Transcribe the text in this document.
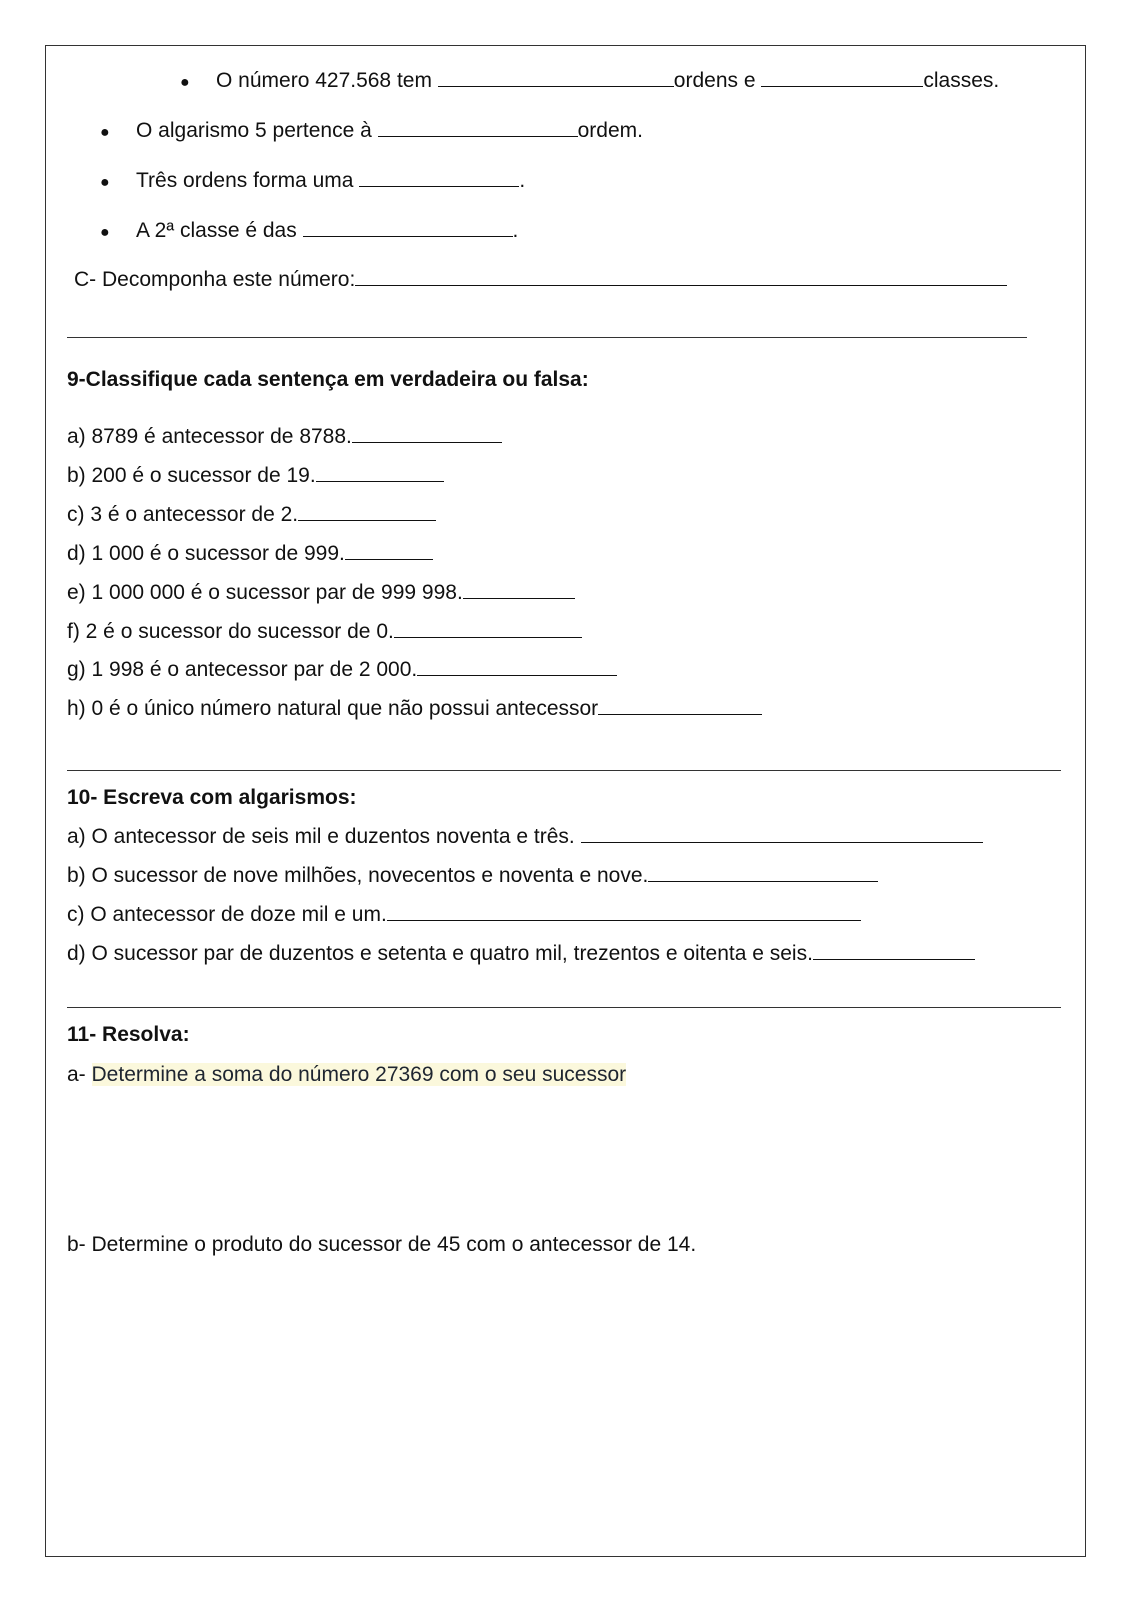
● O número 427.568 tem	ordens e	classes.
● O algarismo 5 pertence à	ordem.
● Três ordens forma uma	.
● A 2ª classe é das	.
C- Decomponha este número:
9-Classifique cada sentença em verdadeira ou falsa:
a) 8789 é antecessor de 8788.
b) 200 é o sucessor de 19.
c) 3 é o antecessor de 2.
d) 1 000 é o sucessor de 999.
e) 1 000 000 é o sucessor par de 999 998.
f) 2 é o sucessor do sucessor de 0.
g) 1 998 é o antecessor par de 2 000.
h) 0 é o único número natural que não possui antecessor
10- Escreva com algarismos:
a) O antecessor de seis mil e duzentos noventa e três.
b) O sucessor de nove milhões, novecentos e noventa e nove.
c) O antecessor de doze mil e um.
d) O sucessor par de duzentos e setenta e quatro mil, trezentos e oitenta e seis.
11- Resolva:
a- Determine a soma do número 27369 com o seu sucessor
b- Determine o produto do sucessor de 45 com o antecessor de 14.
